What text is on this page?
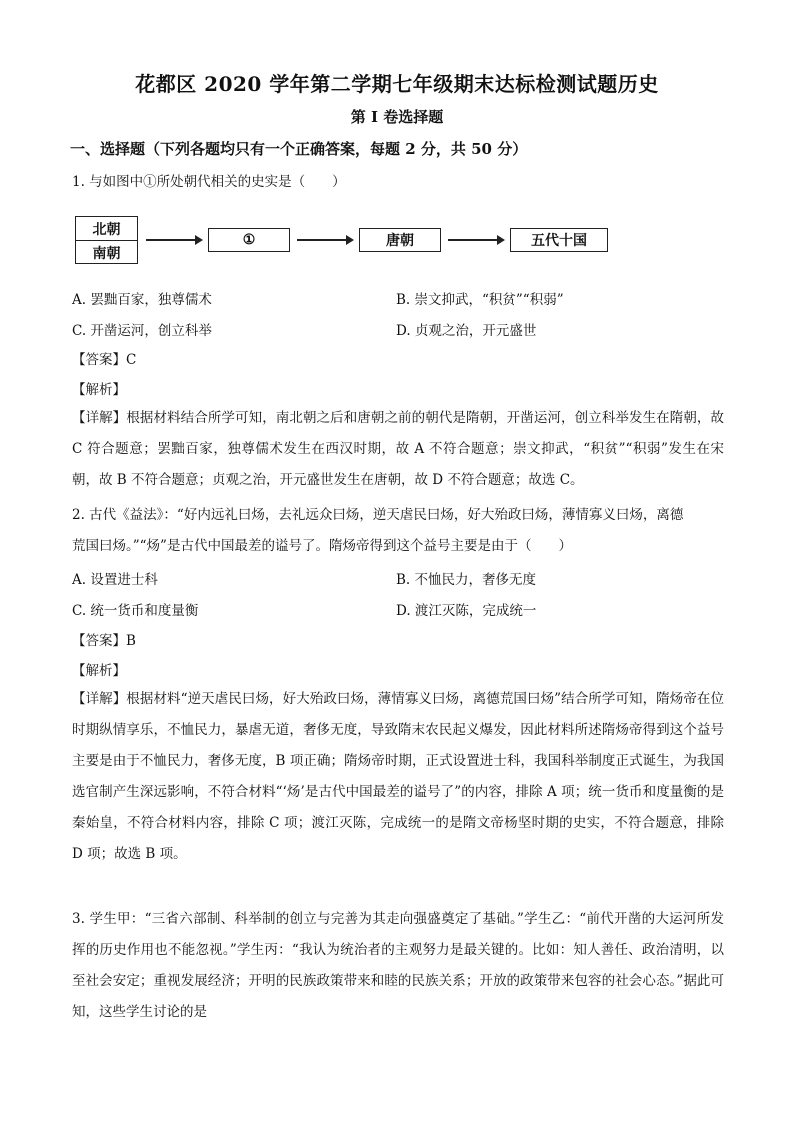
花都区 2020 学年第二学期七年级期末达标检测试题历史
第 I 卷选择题
一、选择题（下列各题均只有一个正确答案，每题 2 分，共 50 分）
1. 与如图中①所处朝代相关的史实是（　　）
北朝
南朝
①	唐朝	五代十国
A. 罢黜百家，独尊儒术	B. 崇文抑武，“积贫”“积弱”
C. 开凿运河，创立科举	D. 贞观之治，开元盛世
【答案】C
【解析】
【详解】根据材料结合所学可知，南北朝之后和唐朝之前的朝代是隋朝，开凿运河，创立科举发生在隋朝，故 C 符合题意；罢黜百家，独尊儒术发生在西汉时期，故 A 不符合题意；崇文抑武，“积贫”“积弱”发生在宋朝，故 B 不符合题意；贞观之治，开元盛世发生在唐朝，故 D 不符合题意；故选 C。
2. 古代《益法》：“好内远礼曰炀，去礼远众曰炀，逆天虐民曰炀，好大殆政曰炀，薄情寡义曰炀，离德
荒国曰炀。”“炀”是古代中国最差的谥号了。隋炀帝得到这个益号主要是由于（　　）
A. 设置进士科	B. 不恤民力，奢侈无度
C. 统一货币和度量衡	D. 渡江灭陈，完成统一
【答案】B
【解析】
【详解】根据材料“逆天虐民曰炀，好大殆政曰炀，薄情寡义曰炀，离德荒国曰炀”结合所学可知，隋炀帝在位时期纵情享乐，不恤民力，暴虐无道，奢侈无度，导致隋末农民起义爆发，因此材料所述隋炀帝得到这个益号主要是由于不恤民力，奢侈无度，B 项正确；隋炀帝时期，正式设置进士科，我国科举制度正式诞生，为我国选官制产生深远影响，不符合材料“‘炀’是古代中国最差的谥号了”的内容，排除 A 项；统一货币和度量衡的是秦始皇，不符合材料内容，排除 C 项；渡江灭陈，完成统一的是隋文帝杨坚时期的史实，不符合题意，排除 D 项；故选 B 项。
3. 学生甲：“三省六部制、科举制的创立与完善为其走向强盛奠定了基础。”学生乙：“前代开凿的大运河所发挥的历史作用也不能忽视。”学生丙：“我认为统治者的主观努力是最关键的。比如：知人善任、政治清明，以至社会安定；重视发展经济；开明的民族政策带来和睦的民族关系；开放的政策带来包容的社会心态。”据此可知，这些学生讨论的是
